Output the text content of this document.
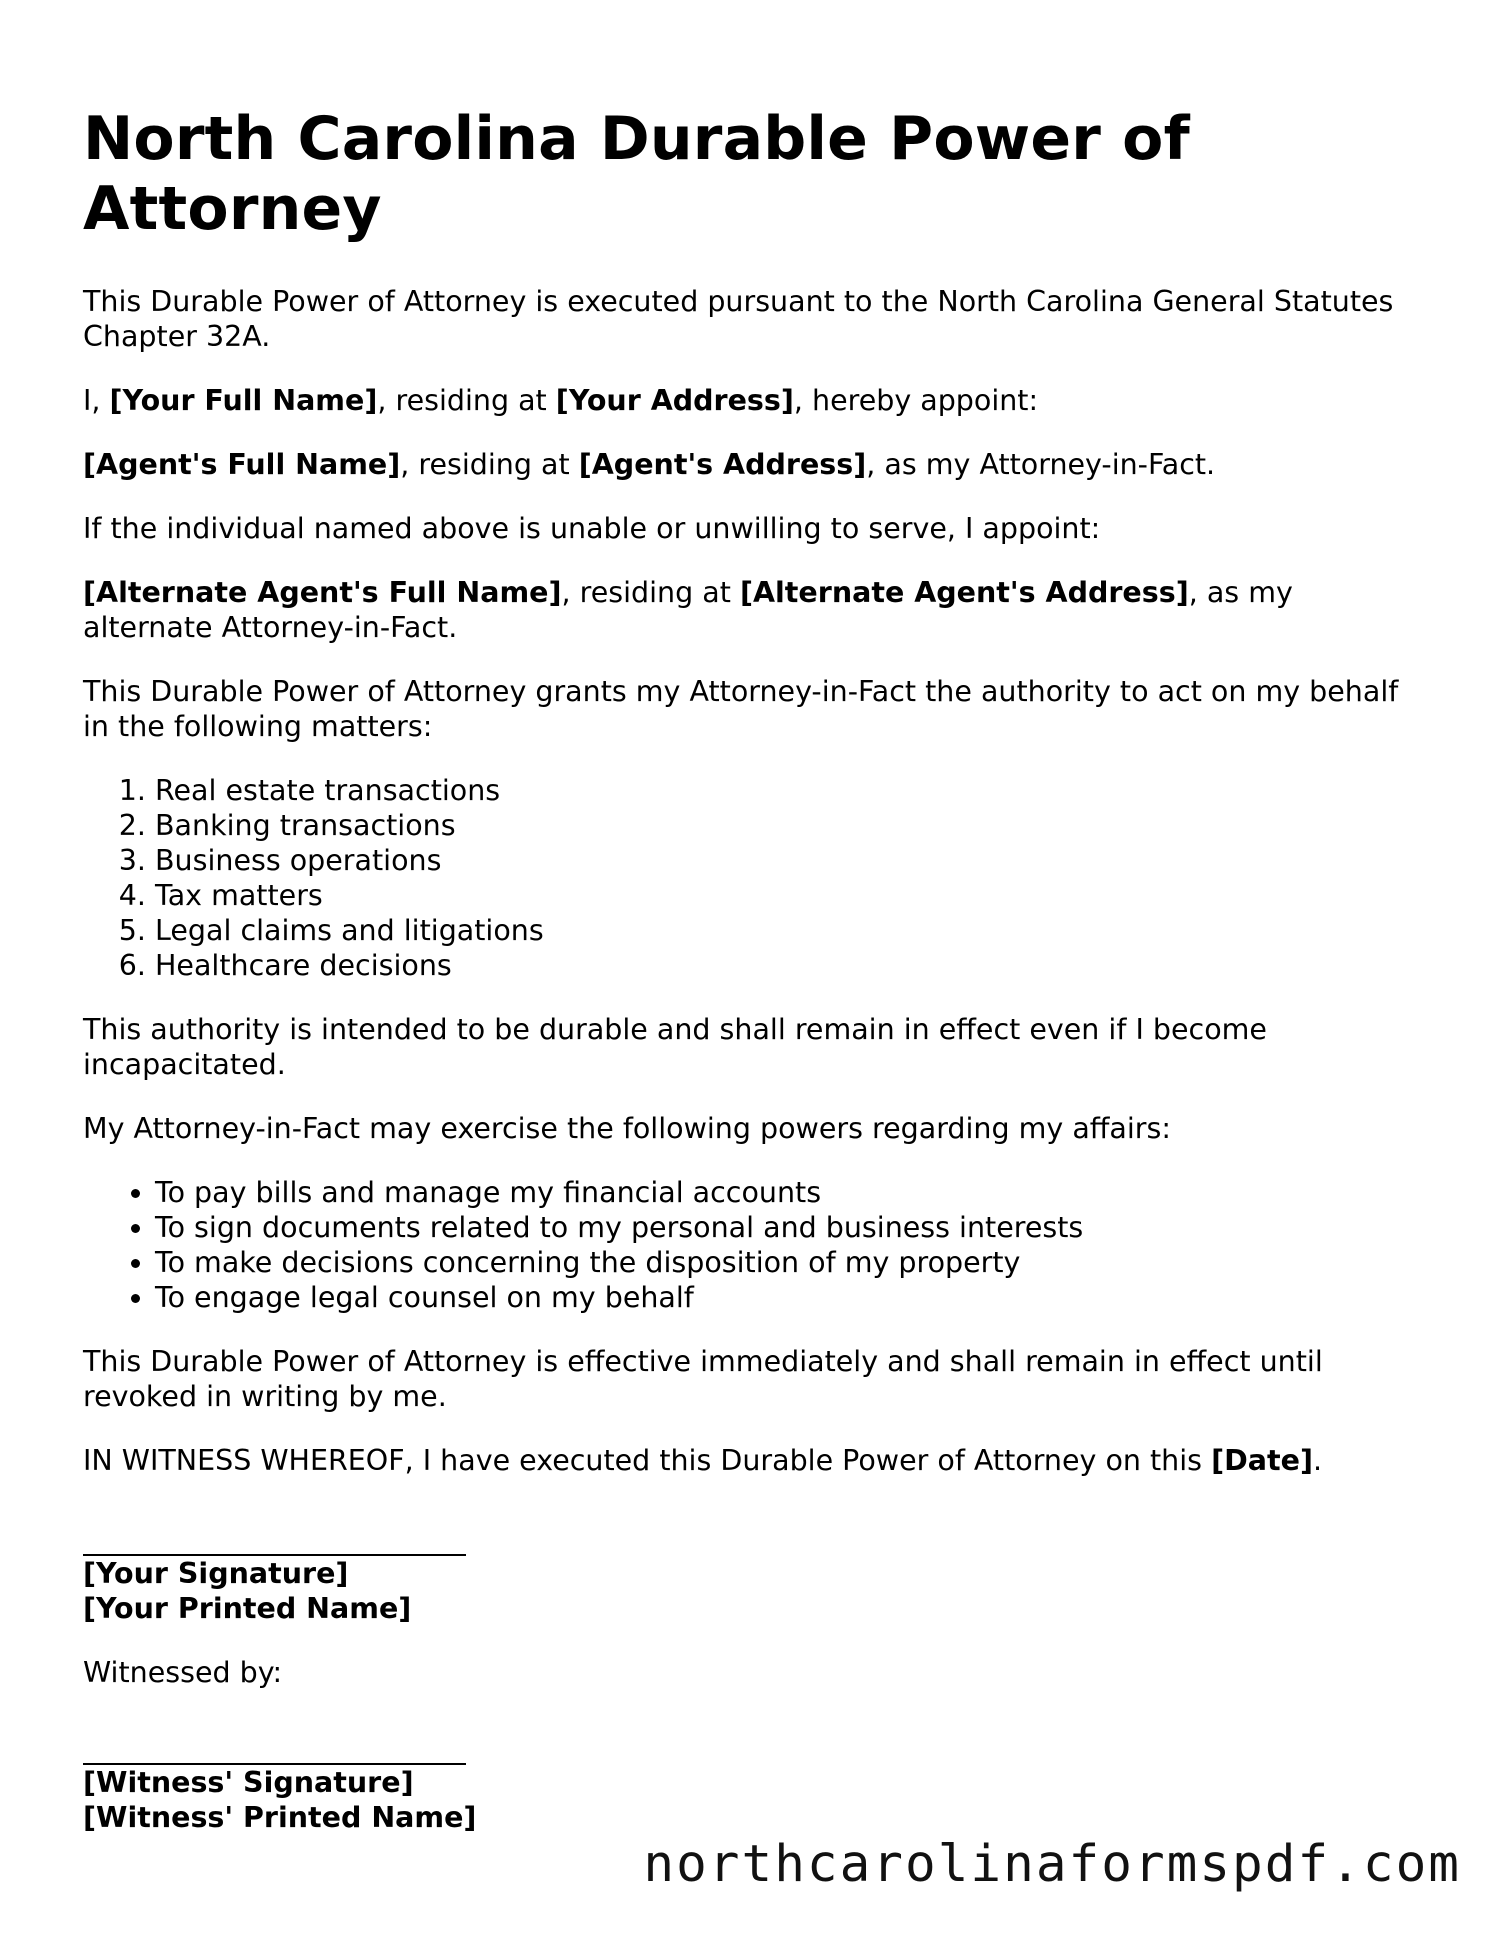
North Carolina Durable Power of Attorney

This Durable Power of Attorney is executed pursuant to the North Carolina General Statutes Chapter 32A.

I, [Your Full Name], residing at [Your Address], hereby appoint:

[Agent's Full Name], residing at [Agent's Address], as my Attorney-in-Fact.

If the individual named above is unable or unwilling to serve, I appoint:

[Alternate Agent's Full Name], residing at [Alternate Agent's Address], as my alternate Attorney-in-Fact.

This Durable Power of Attorney grants my Attorney-in-Fact the authority to act on my behalf in the following matters:

1. Real estate transactions
2. Banking transactions
3. Business operations
4. Tax matters
5. Legal claims and litigations
6. Healthcare decisions

This authority is intended to be durable and shall remain in effect even if I become incapacitated.

My Attorney-in-Fact may exercise the following powers regarding my affairs:

• To pay bills and manage my financial accounts
• To sign documents related to my personal and business interests
• To make decisions concerning the disposition of my property
• To engage legal counsel on my behalf

This Durable Power of Attorney is effective immediately and shall remain in effect until revoked in writing by me.

IN WITNESS WHEREOF, I have executed this Durable Power of Attorney on this [Date].

[Your Signature]
[Your Printed Name]

Witnessed by:

[Witness' Signature]
[Witness' Printed Name]
northcarolinaformspdf.com
